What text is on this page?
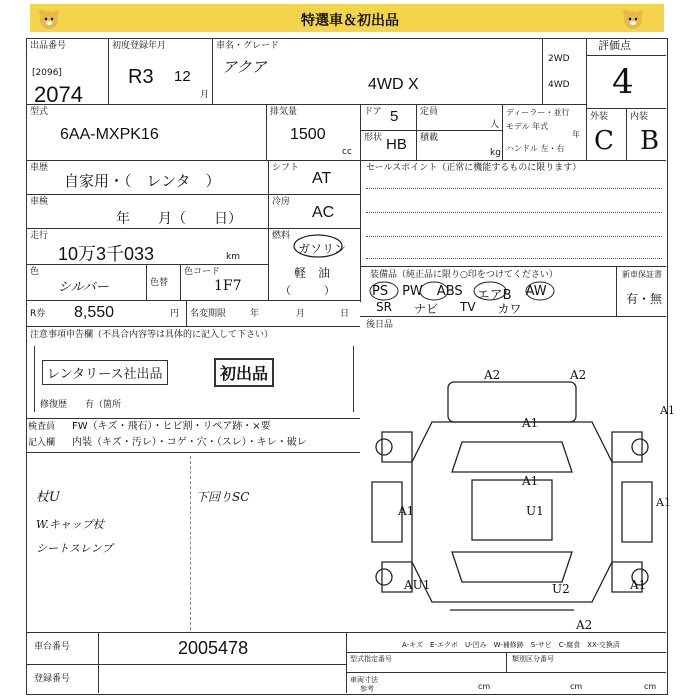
特選車＆初出品
出品番号
[2096]
2074
初度登録年月
R3 12
月
車名・グレード
アクア
4WD X
2WD
4WD
評価点
4
外装 内装
C B
型式
6AA-MXPK16
排気量
1500
cc
ドア 5 定員
人
形状 HB 積載
kg
ディーラー・並行
モデル 年式
年
ハンドル 左・右
車歴
自家用・（　レンタ　）
シフト
AT
車検
年　　月（　　日）
冷房
AC
走行
10万3千033	km
燃料
ガソリン
軽　油
（　　　）
色
シルバー	色替
色コード
1F7
セールスポイント（正常に機能するものに限ります）
装備品（純正品に限り○印をつけてください）	新車保証書
有・無
PS PW ABS エアB AW
SR ナビ TV カワ
後日品
R券 8,550	円 名変期限	年	月	日
注意事項申告欄（不具合内容等は具体的に記入して下さい）
レンタリース社出品	初出品
修復歴　　有（箇所
検査員
記入欄
FW（キズ・飛石）・ヒビ割・リペア跡・×要
内装（キズ・汚レ）・コゲ・穴・（スレ）・キレ・破レ
杖U
W.キャップ杖
シートスレンプ
下回りSC
A2	A2
A1
A1
A1
U1
A1
A1
AU1	U2	A1
A2
A-キズ　E-エクボ　U-凹み　W-補修跡　S-サビ　C-腐食　XX-交換済
車台番号	2005478
登録番号
型式指定番号	類別区分番号
車両寸法
参考	cm	cm	cm
